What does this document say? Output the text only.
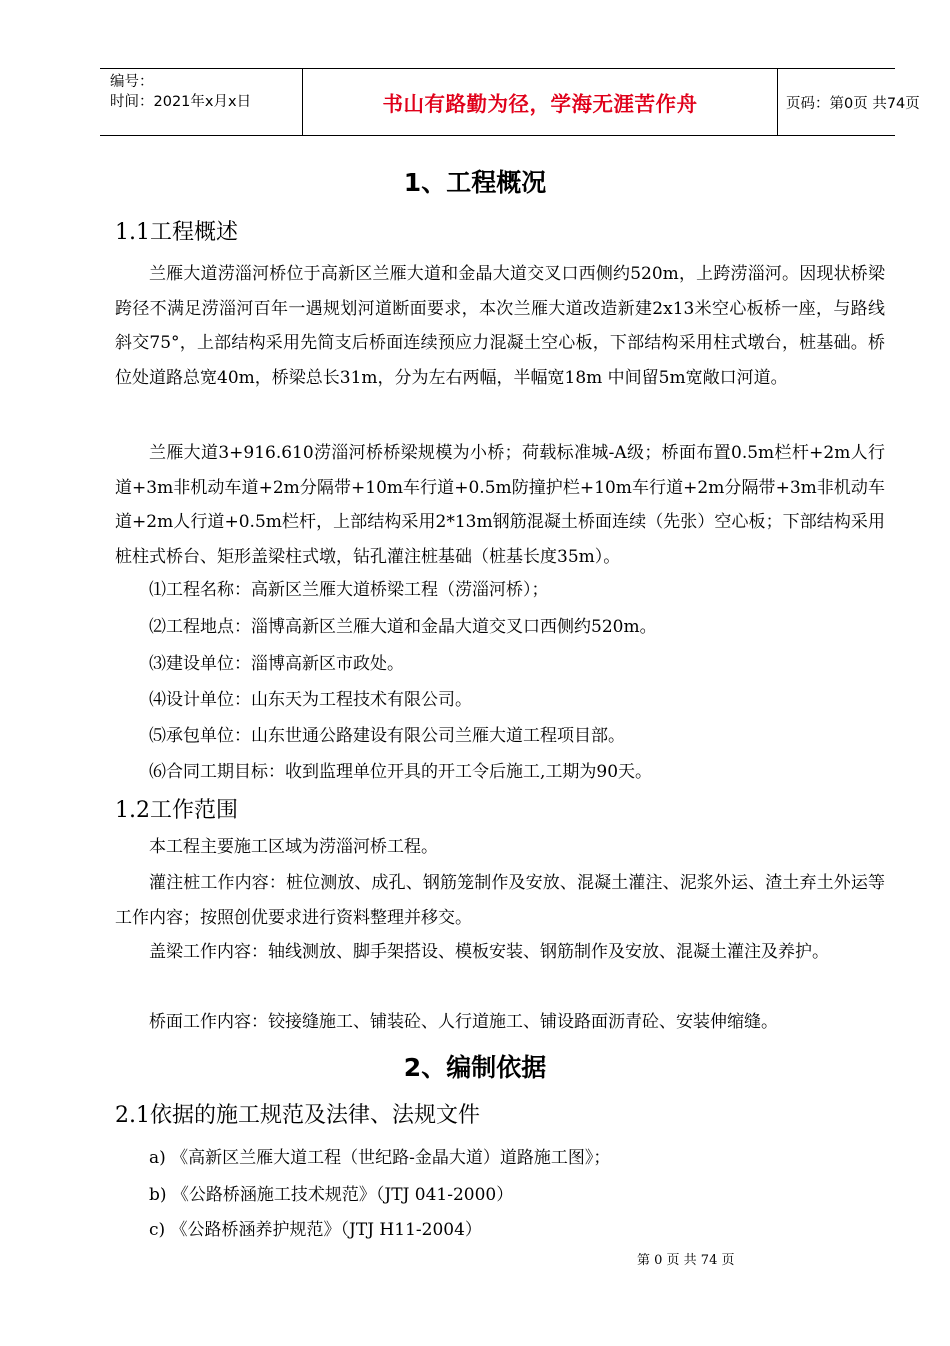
编号：
时间：2021年x月x日	书山有路勤为径，学海无涯苦作舟	页码：第0页 共74页
1、工程概况
1.1工程概述

兰雁大道涝淄河桥位于高新区兰雁大道和金晶大道交叉口西侧约520m，上跨涝淄河。因现状桥梁跨径不满足涝淄河百年一遇规划河道断面要求，本次兰雁大道改造新建2x13米空心板桥一座，与路线斜交75°，上部结构采用先简支后桥面连续预应力混凝土空心板，下部结构采用柱式墩台，桩基础。桥位处道路总宽40m，桥梁总长31m，分为左右两幅，半幅宽18m 中间留5m宽敞口河道。

兰雁大道3+916.610涝淄河桥桥梁规模为小桥；荷载标准城-A级；桥面布置0.5m栏杆+2m人行道+3m非机动车道+2m分隔带+10m车行道+0.5m防撞护栏+10m车行道+2m分隔带+3m非机动车道+2m人行道+0.5m栏杆，上部结构采用2*13m钢筋混凝土桥面连续（先张）空心板；下部结构采用桩柱式桥台、矩形盖梁柱式墩，钻孔灌注桩基础（桩基长度35m）。

⑴工程名称：高新区兰雁大道桥梁工程（涝淄河桥）；
⑵工程地点：淄博高新区兰雁大道和金晶大道交叉口西侧约520m。
⑶建设单位：淄博高新区市政处。
⑷设计单位：山东天为工程技术有限公司。
⑸承包单位：山东世通公路建设有限公司兰雁大道工程项目部。
⑹合同工期目标：收到监理单位开具的开工令后施工,工期为90天。
1.2工作范围

本工程主要施工区域为涝淄河桥工程。

灌注桩工作内容：桩位测放、成孔、钢筋笼制作及安放、混凝土灌注、泥浆外运、渣土弃土外运等工作内容；按照创优要求进行资料整理并移交。

盖梁工作内容：轴线测放、脚手架搭设、模板安装、钢筋制作及安放、混凝土灌注及养护。

桥面工作内容：铰接缝施工、铺装砼、人行道施工、铺设路面沥青砼、安装伸缩缝。

2、编制依据
2.1依据的施工规范及法律、法规文件
a) 《高新区兰雁大道工程（世纪路-金晶大道）道路施工图》；
b) 《公路桥涵施工技术规范》（JTJ 041-2000）
c) 《公路桥涵养护规范》（JTJ H11-2004）
第 0 页 共 74 页
